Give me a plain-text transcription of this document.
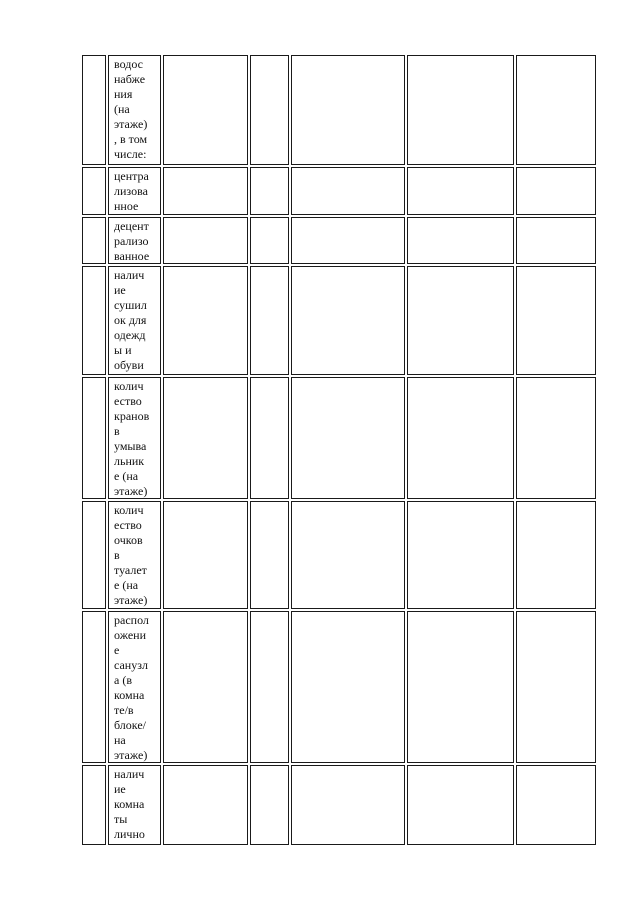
водос
набже
ния
(на
этаже)
, в том
числе:
центра
лизова
нное
децент
рализо
ванное
налич
ие
сушил
ок для
одежд
ы и
обуви
колич
ество
кранов
в
умыва
льник
е (на
этаже)
колич
ество
очков
в
туалет
е (на
этаже)
распол
ожени
е
санузл
а (в
комна
те/в
блоке/
на
этаже)
налич
ие
комна
ты
лично
